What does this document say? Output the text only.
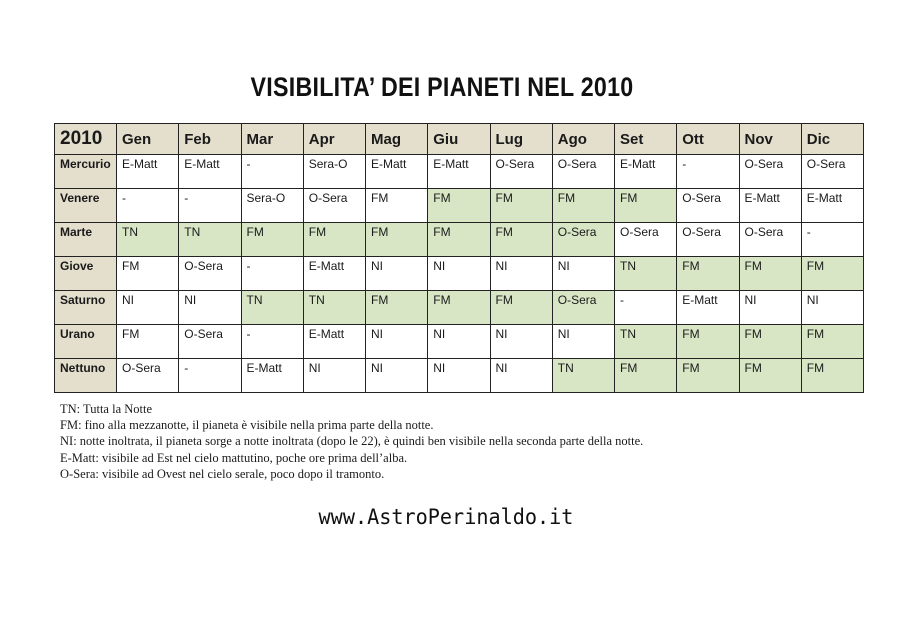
VISIBILITA’ DEI PIANETI NEL 2010
2010	Gen	Feb	Mar	Apr	Mag	Giu	Lug	Ago	Set	Ott	Nov	Dic
Mercurio	E-Matt	E-Matt	-	Sera-O	E-Matt	E-Matt	O-Sera	O-Sera	E-Matt	-	O-Sera	O-Sera
Venere	-	-	Sera-O	O-Sera	FM	FM	FM	FM	FM	O-Sera	E-Matt	E-Matt
Marte	TN	TN	FM	FM	FM	FM	FM	O-Sera	O-Sera	O-Sera	O-Sera	-
Giove	FM	O-Sera	-	E-Matt	NI	NI	NI	NI	TN	FM	FM	FM
Saturno	NI	NI	TN	TN	FM	FM	FM	O-Sera	-	E-Matt	NI	NI
Urano	FM	O-Sera	-	E-Matt	NI	NI	NI	NI	TN	FM	FM	FM
Nettuno	O-Sera	-	E-Matt	NI	NI	NI	NI	TN	FM	FM	FM	FM
TN: Tutta la Notte
FM: fino alla mezzanotte, il pianeta è visibile nella prima parte della notte.
NI: notte inoltrata, il pianeta sorge a notte inoltrata (dopo le 22), è quindi ben visibile nella seconda parte della notte.
E-Matt: visibile ad Est nel cielo mattutino, poche ore prima dell’alba.
O-Sera: visibile ad Ovest nel cielo serale, poco dopo il tramonto.
www.AstroPerinaldo.it
